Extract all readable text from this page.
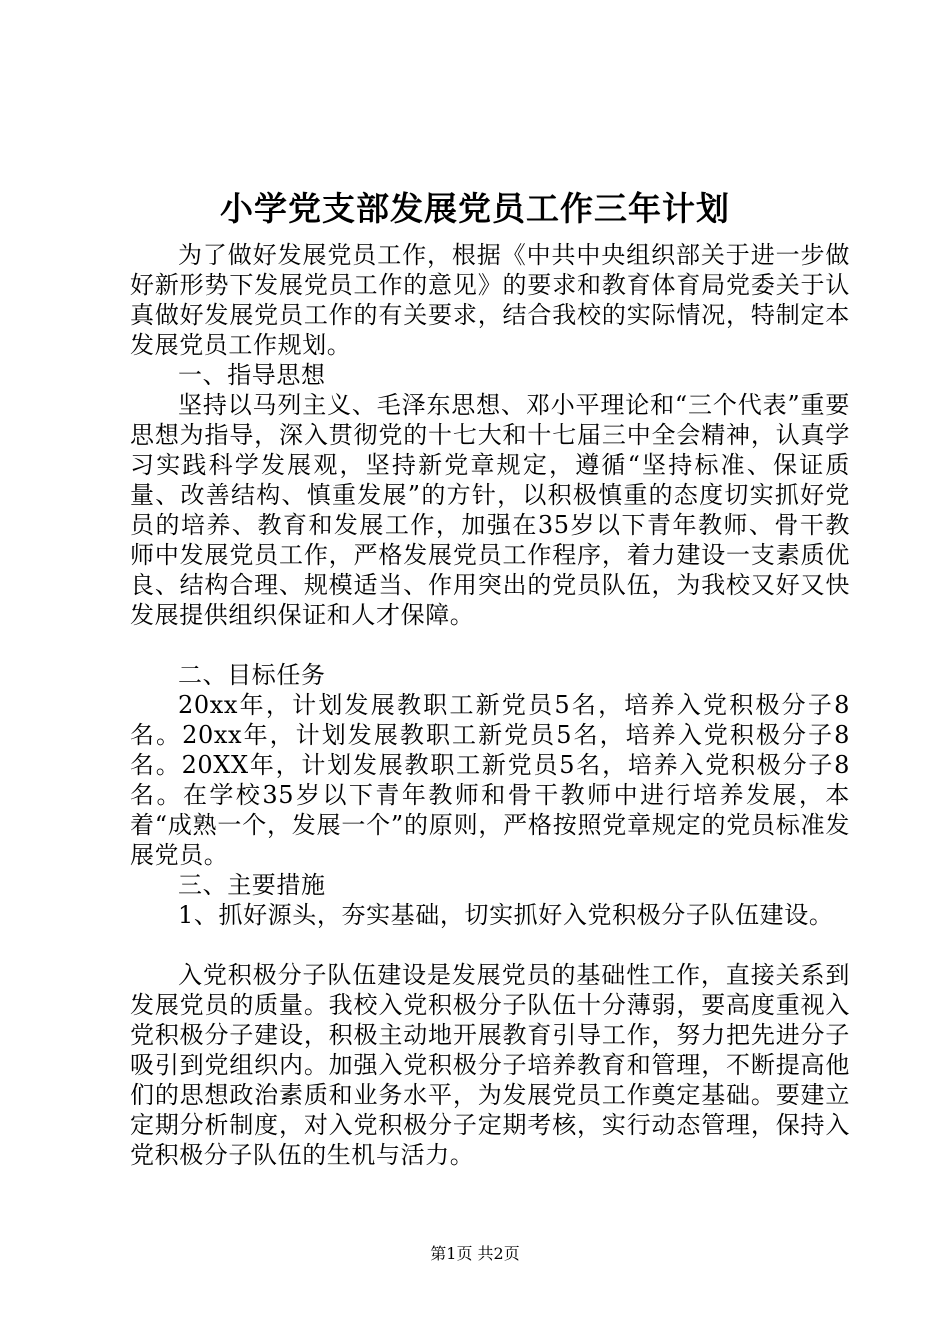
小学党支部发展党员工作三年计划

为了做好发展党员工作，根据《中共中央组织部关于进一步做好新形势下发展党员工作的意见》的要求和教育体育局党委关于认真做好发展党员工作的有关要求，结合我校的实际情况，特制定本发展党员工作规划。

一、指导思想

坚持以马列主义、毛泽东思想、邓小平理论和“三个代表”重要思想为指导，深入贯彻党的十七大和十七届三中全会精神，认真学习实践科学发展观，坚持新党章规定，遵循“坚持标准、保证质量、改善结构、慎重发展”的方针，以积极慎重的态度切实抓好党员的培养、教育和发展工作，加强在35岁以下青年教师、骨干教师中发展党员工作，严格发展党员工作程序，着力建设一支素质优良、结构合理、规模适当、作用突出的党员队伍，为我校又好又快发展提供组织保证和人才保障。

二、目标任务

20xx年，计划发展教职工新党员5名，培养入党积极分子8名。20xx年，计划发展教职工新党员5名，培养入党积极分子8名。20XX年，计划发展教职工新党员5名，培养入党积极分子8名。在学校35岁以下青年教师和骨干教师中进行培养发展，本着“成熟一个，发展一个”的原则，严格按照党章规定的党员标准发展党员。

三、主要措施

1、抓好源头，夯实基础，切实抓好入党积极分子队伍建设。

入党积极分子队伍建设是发展党员的基础性工作，直接关系到发展党员的质量。我校入党积极分子队伍十分薄弱，要高度重视入党积极分子建设，积极主动地开展教育引导工作，努力把先进分子吸引到党组织内。加强入党积极分子培养教育和管理，不断提高他们的思想政治素质和业务水平，为发展党员工作奠定基础。要建立定期分析制度，对入党积极分子定期考核，实行动态管理，保持入党积极分子队伍的生机与活力。

第1页 共2页
